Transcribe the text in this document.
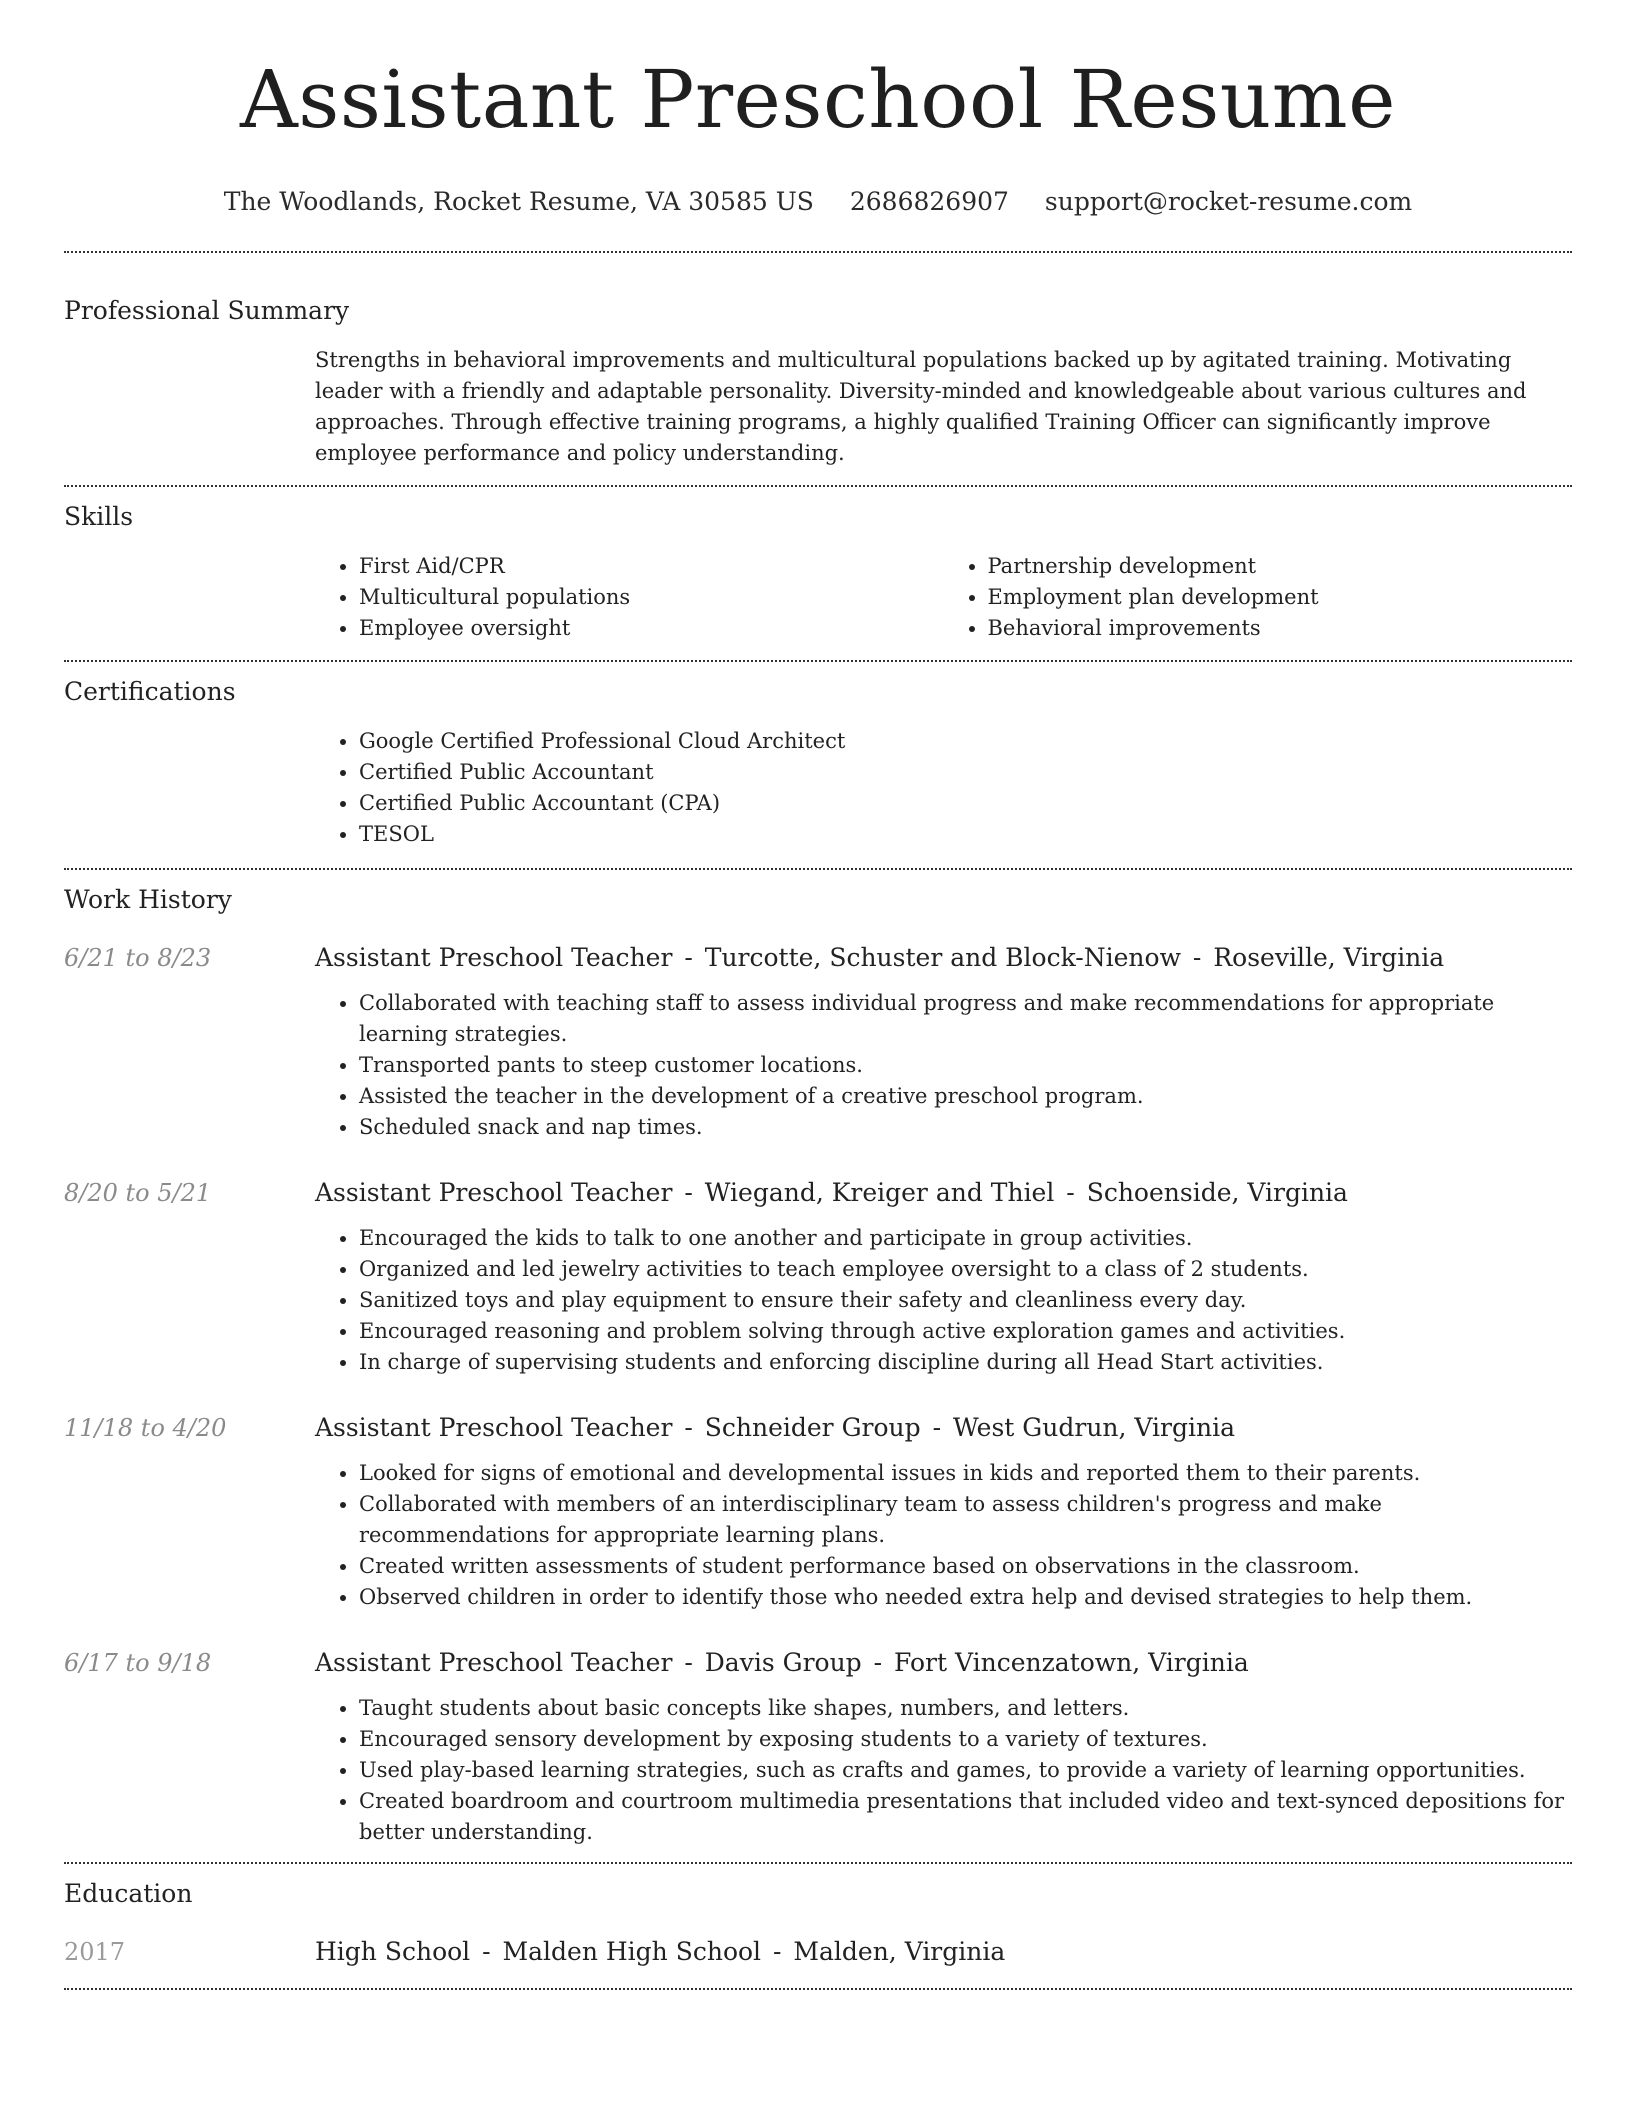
Assistant Preschool Resume
The Woodlands, Rocket Resume, VA 30585 US 2686826907 support@rocket-resume.com
Professional Summary
Strengths in behavioral improvements and multicultural populations backed up by agitated training. Motivating leader with a friendly and adaptable personality. Diversity-minded and knowledgeable about various cultures and approaches. Through effective training programs, a highly qualified Training Officer can significantly improve employee performance and policy understanding.
Skills
• First Aid/CPR
• Multicultural populations
• Employee oversight
• Partnership development
• Employment plan development
• Behavioral improvements
Certifications
• Google Certified Professional Cloud Architect
• Certified Public Accountant
• Certified Public Accountant (CPA)
• TESOL
Work History
6/21 to 8/23	Assistant Preschool Teacher - Turcotte, Schuster and Block-Nienow - Roseville, Virginia
• Collaborated with teaching staff to assess individual progress and make recommendations for appropriate learning strategies.
• Transported pants to steep customer locations.
• Assisted the teacher in the development of a creative preschool program.
• Scheduled snack and nap times.
8/20 to 5/21	Assistant Preschool Teacher - Wiegand, Kreiger and Thiel - Schoenside, Virginia
• Encouraged the kids to talk to one another and participate in group activities.
• Organized and led jewelry activities to teach employee oversight to a class of 2 students.
• Sanitized toys and play equipment to ensure their safety and cleanliness every day.
• Encouraged reasoning and problem solving through active exploration games and activities.
• In charge of supervising students and enforcing discipline during all Head Start activities.
11/18 to 4/20	Assistant Preschool Teacher - Schneider Group - West Gudrun, Virginia
• Looked for signs of emotional and developmental issues in kids and reported them to their parents.
• Collaborated with members of an interdisciplinary team to assess children's progress and make recommendations for appropriate learning plans.
• Created written assessments of student performance based on observations in the classroom.
• Observed children in order to identify those who needed extra help and devised strategies to help them.
6/17 to 9/18	Assistant Preschool Teacher - Davis Group - Fort Vincenzatown, Virginia
• Taught students about basic concepts like shapes, numbers, and letters.
• Encouraged sensory development by exposing students to a variety of textures.
• Used play-based learning strategies, such as crafts and games, to provide a variety of learning opportunities.
• Created boardroom and courtroom multimedia presentations that included video and text-synced depositions for better understanding.
Education
2017	High School - Malden High School - Malden, Virginia
